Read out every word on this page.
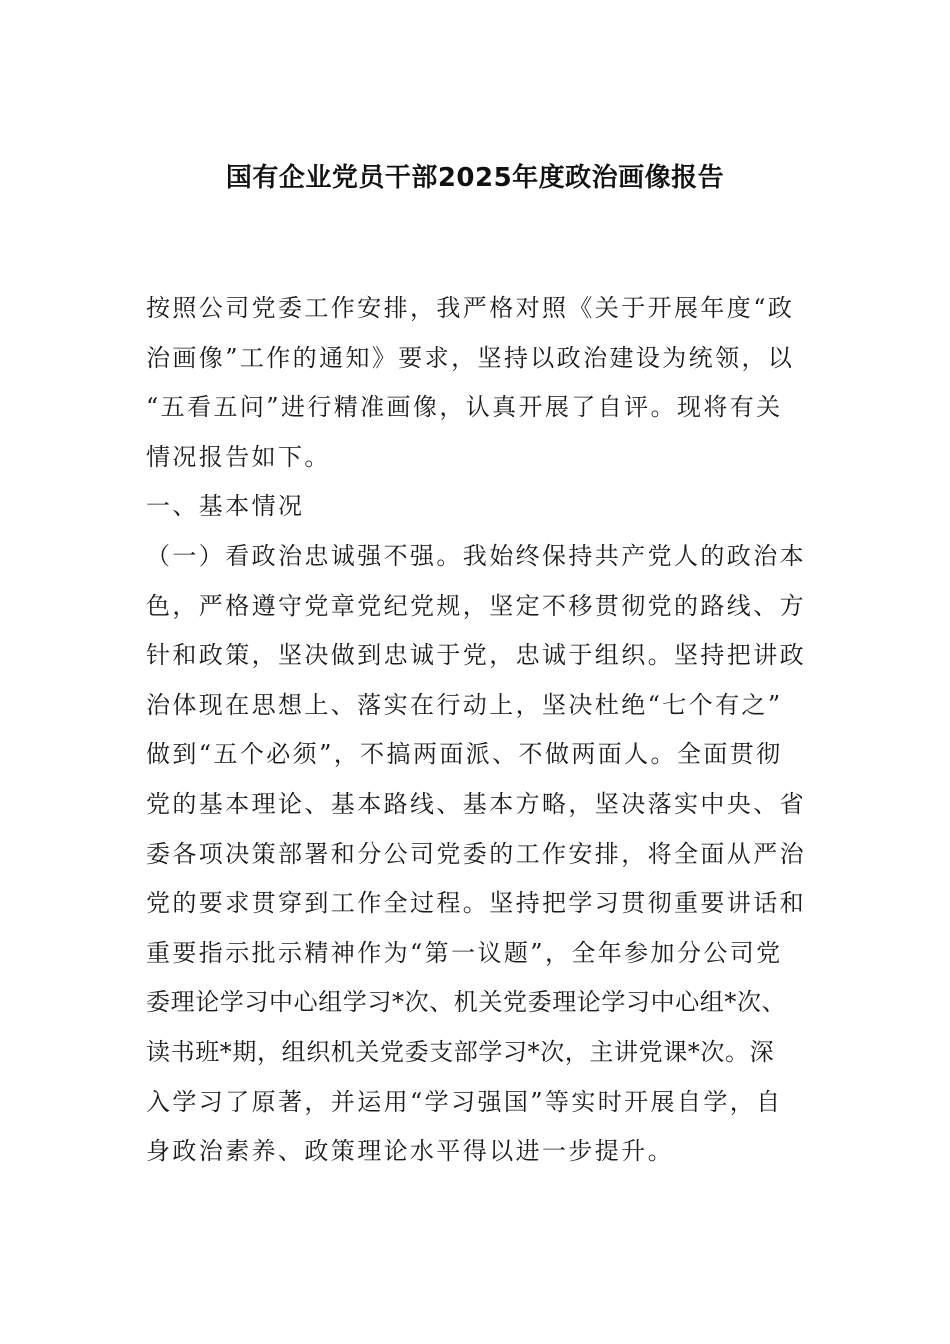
国有企业党员干部2025年度政治画像报告
按照公司党委工作安排，我严格对照《关于开展年度“政
治画像”工作的通知》要求，坚持以政治建设为统领，以
“五看五问”进行精准画像，认真开展了自评。现将有关
情况报告如下。
一、基本情况
（一）看政治忠诚强不强。我始终保持共产党人的政治本
色，严格遵守党章党纪党规，坚定不移贯彻党的路线、方
针和政策，坚决做到忠诚于党，忠诚于组织。坚持把讲政
治体现在思想上、落实在行动上，坚决杜绝“七个有之”
做到“五个必须”，不搞两面派、不做两面人。全面贯彻
党的基本理论、基本路线、基本方略，坚决落实中央、省
委各项决策部署和分公司党委的工作安排，将全面从严治
党的要求贯穿到工作全过程。坚持把学习贯彻重要讲话和
重要指示批示精神作为“第一议题”，全年参加分公司党
委理论学习中心组学习*次、机关党委理论学习中心组*次、
读书班*期，组织机关党委支部学习*次，主讲党课*次。深
入学习了原著，并运用“学习强国”等实时开展自学，自
身政治素养、政策理论水平得以进一步提升。
